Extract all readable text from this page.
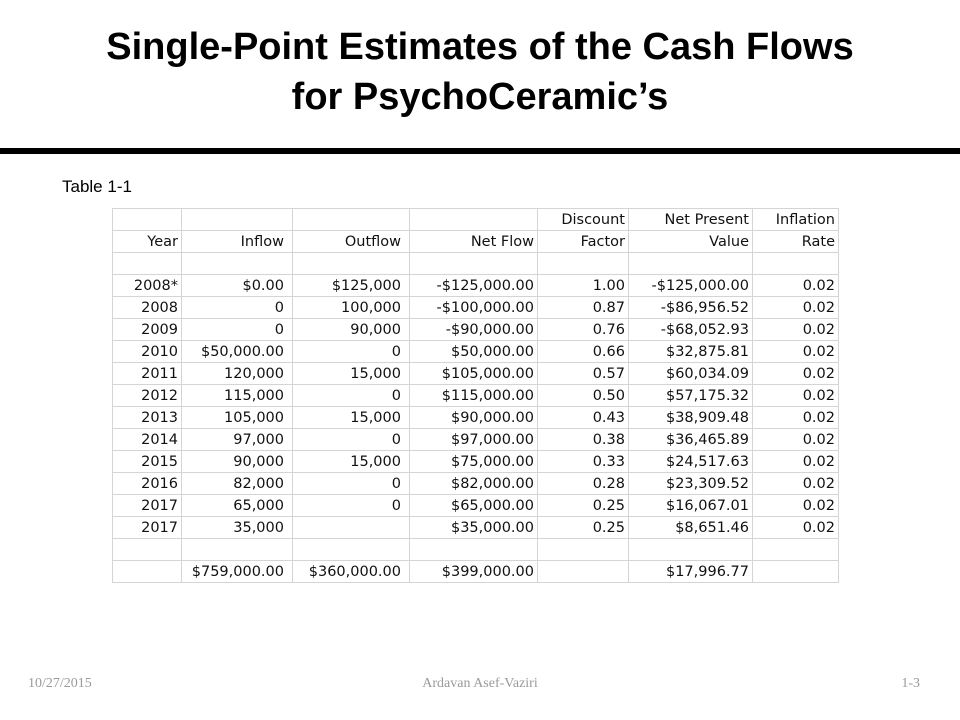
Single-Point Estimates of the Cash Flows
for PsychoCeramic’s
Table 1-1
				Discount	Net Present	Inflation
Year	Inflow	Outflow	Net Flow	Factor	Value	Rate

2008*	$0.00	$125,000	-$125,000.00	1.00	-$125,000.00	0.02
2008	0	100,000	-$100,000.00	0.87	-$86,956.52	0.02
2009	0	90,000	-$90,000.00	0.76	-$68,052.93	0.02
2010	$50,000.00	0	$50,000.00	0.66	$32,875.81	0.02
2011	120,000	15,000	$105,000.00	0.57	$60,034.09	0.02
2012	115,000	0	$115,000.00	0.50	$57,175.32	0.02
2013	105,000	15,000	$90,000.00	0.43	$38,909.48	0.02
2014	97,000	0	$97,000.00	0.38	$36,465.89	0.02
2015	90,000	15,000	$75,000.00	0.33	$24,517.63	0.02
2016	82,000	0	$82,000.00	0.28	$23,309.52	0.02
2017	65,000	0	$65,000.00	0.25	$16,067.01	0.02
2017	35,000		$35,000.00	0.25	$8,651.46	0.02

	$759,000.00	$360,000.00	$399,000.00		$17,996.77	
10/27/2015	Ardavan Asef-Vaziri	1-3
